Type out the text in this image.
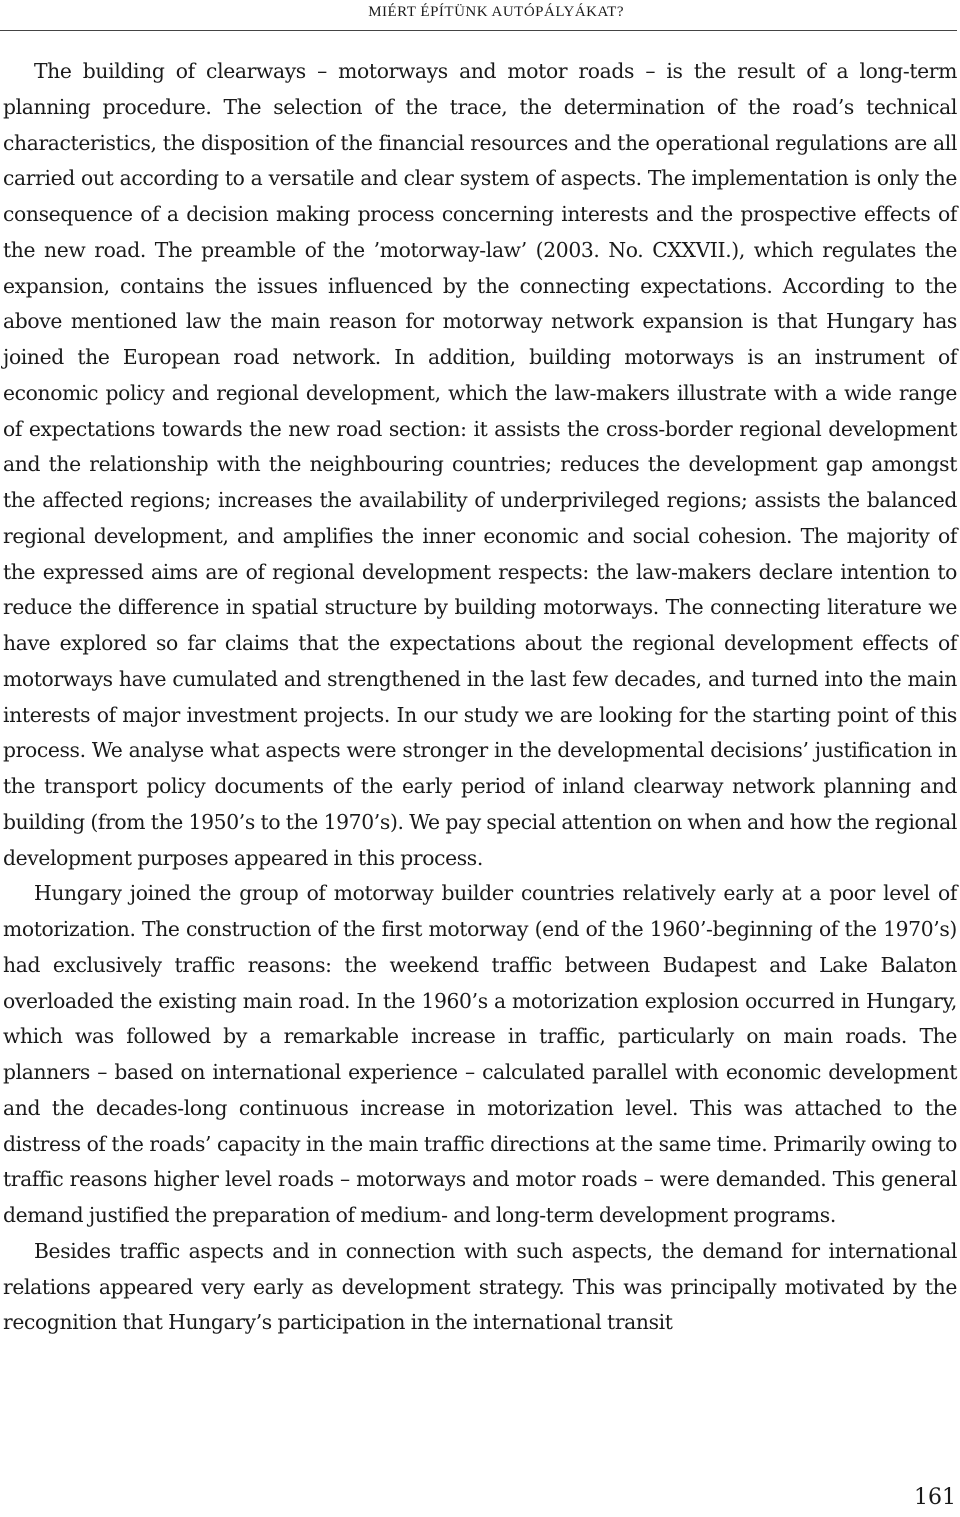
MIÉRT ÉPÍTÜNK AUTÓPÁLYÁKAT?

The building of clearways – motorways and motor roads – is the result of a long-term planning procedure. The selection of the trace, the determination of the road’s technical characteristics, the disposition of the financial resources and the operational regulations are all carried out according to a versatile and clear system of aspects. The implementation is only the consequence of a decision making process concerning interests and the prospective effects of the new road. The preamble of the ’motorway-law’ (2003. No. CXXVII.), which regulates the expansion, contains the issues influenced by the connecting expectations. According to the above mentioned law the main reason for motorway network expansion is that Hungary has joined the European road network. In addition, building motorways is an instrument of economic policy and regional development, which the law-makers illustrate with a wide range of expectations towards the new road section: it assists the cross-border regional development and the relationship with the neighbouring countries; reduces the development gap amongst the affected regions; increases the availability of underprivileged regions; assists the balanced regional development, and amplifies the inner economic and social cohesion. The majority of the expressed aims are of regional development respects: the law-makers declare intention to reduce the difference in spatial structure by building motorways. The connecting literature we have explored so far claims that the expectations about the regional development effects of motorways have cumulated and strengthened in the last few decades, and turned into the main interests of major investment projects. In our study we are looking for the starting point of this process. We analyse what aspects were stronger in the developmental decisions’ justification in the transport policy documents of the early period of inland clearway network planning and building (from the 1950’s to the 1970’s). We pay special attention on when and how the regional development purposes appeared in this process.

Hungary joined the group of motorway builder countries relatively early at a poor level of motorization. The construction of the first motorway (end of the 1960’-beginning of the 1970’s) had exclusively traffic reasons: the weekend traffic between Budapest and Lake Balaton overloaded the existing main road. In the 1960’s a motorization explosion occurred in Hungary, which was followed by a remarkable increase in traffic, particularly on main roads. The planners – based on international experience – calculated parallel with economic development and the decades-long continuous increase in motorization level. This was attached to the distress of the roads’ capacity in the main traffic directions at the same time. Primarily owing to traffic reasons higher level roads – motorways and motor roads – were demanded. This general demand justified the preparation of medium- and long-term development programs.

Besides traffic aspects and in connection with such aspects, the demand for international relations appeared very early as development strategy. This was principally motivated by the recognition that Hungary’s participation in the international transit

161
